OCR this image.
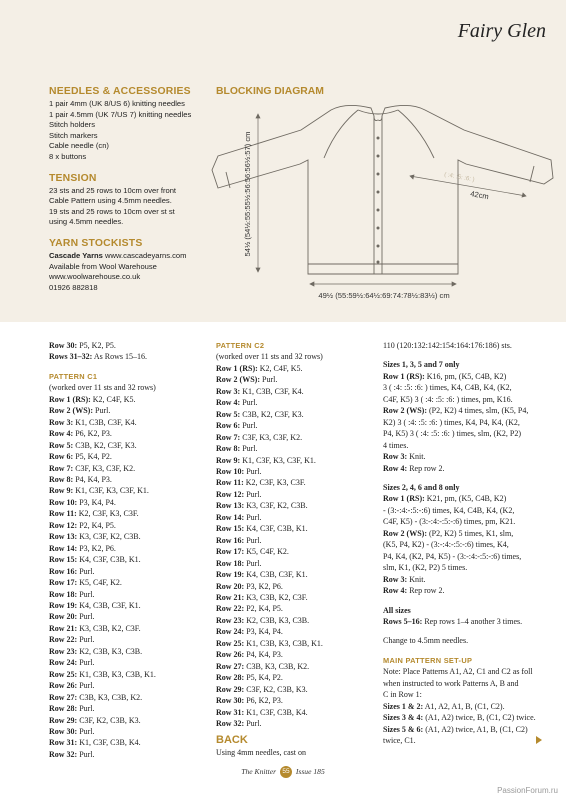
Fairy Glen
NEEDLES & ACCESSORIES
1 pair 4mm (UK 8/US 6) knitting needles
1 pair 4.5mm (UK 7/US 7) knitting needles
Stitch holders
Stitch markers
Cable needle (cn)
8 x buttons
TENSION
23 sts and 25 rows to 10cm over front
Cable Pattern using 4.5mm needles.
19 sts and 25 rows to 10cm over st st
using 4.5mm needles.
YARN STOCKISTS
Cascade Yarns www.cascadeyarns.com
Available from Wool Warehouse
www.woolwarehouse.co.uk
01926 882818
BLOCKING DIAGRAM
49½ (55:59½:64½:69:74:78½:83½) cm
54½ (54½:55:55½:56:56:56½:57) cm	42cm
( :4: :5: :6: )
Row 30: P5, K2, P5.
Rows 31–32: As Rows 15–16.
PATTERN C1
(worked over 11 sts and 32 rows)
Row 1 (RS): K2, C4F, K5.
Row 2 (WS): Purl.
Row 3: K1, C3B, C3F, K4.
Row 4: P6, K2, P3.
Row 5: C3B, K2, C3F, K3.
Row 6: P5, K4, P2.
Row 7: C3F, K3, C3F, K2.
Row 8: P4, K4, P3.
Row 9: K1, C3F, K3, C3F, K1.
Row 10: P3, K4, P4.
Row 11: K2, C3F, K3, C3F.
Row 12: P2, K4, P5.
Row 13: K3, C3F, K2, C3B.
Row 14: P3, K2, P6.
Row 15: K4, C3F, C3B, K1.
Row 16: Purl.
Row 17: K5, C4F, K2.
Row 18: Purl.
Row 19: K4, C3B, C3F, K1.
Row 20: Purl.
Row 21: K3, C3B, K2, C3F.
Row 22: Purl.
Row 23: K2, C3B, K3, C3B.
Row 24: Purl.
Row 25: K1, C3B, K3, C3B, K1.
Row 26: Purl.
Row 27: C3B, K3, C3B, K2.
Row 28: Purl.
Row 29: C3F, K2, C3B, K3.
Row 30: Purl.
Row 31: K1, C3F, C3B, K4.
Row 32: Purl.
PATTERN C2
(worked over 11 sts and 32 rows)
Row 1 (RS): K2, C4F, K5.
Row 2 (WS): Purl.
Row 3: K1, C3B, C3F, K4.
Row 4: Purl.
Row 5: C3B, K2, C3F, K3.
Row 6: Purl.
Row 7: C3F, K3, C3F, K2.
Row 8: Purl.
Row 9: K1, C3F, K3, C3F, K1.
Row 10: Purl.
Row 11: K2, C3F, K3, C3F.
Row 12: Purl.
Row 13: K3, C3F, K2, C3B.
Row 14: Purl.
Row 15: K4, C3F, C3B, K1.
Row 16: Purl.
Row 17: K5, C4F, K2.
Row 18: Purl.
Row 19: K4, C3B, C3F, K1.
Row 20: P3, K2, P6.
Row 21: K3, C3B, K2, C3F.
Row 22: P2, K4, P5.
Row 23: K2, C3B, K3, C3B.
Row 24: P3, K4, P4.
Row 25: K1, C3B, K3, C3B, K1.
Row 26: P4, K4, P3.
Row 27: C3B, K3, C3B, K2.
Row 28: P5, K4, P2.
Row 29: C3F, K2, C3B, K3.
Row 30: P6, K2, P3.
Row 31: K1, C3F, C3B, K4.
Row 32: Purl.
BACK
Using 4mm needles, cast on
110 (120:132:142:154:164:176:186) sts.
Sizes 1, 3, 5 and 7 only
Row 1 (RS): K16, pm, (K5, C4B, K2)
3 ( :4: :5: :6: ) times, K4, C4B, K4, (K2,
C4F, K5) 3 ( :4: :5: :6: ) times, pm, K16.
Row 2 (WS): (P2, K2) 4 times, slm, (K5, P4,
K2) 3 ( :4: :5: :6: ) times, K4, P4, K4, (K2,
P4, K5) 3 ( :4: :5: :6: ) times, slm, (K2, P2)
4 times.
Row 3: Knit.
Row 4: Rep row 2.
Sizes 2, 4, 6 and 8 only
Row 1 (RS): K21, pm, (K5, C4B, K2)
- (3:-:4:-:5:-:6) times, K4, C4B, K4, (K2,
C4F, K5) - (3:-:4:-:5:-:6) times, pm, K21.
Row 2 (WS): (P2, K2) 5 times, K1, slm,
(K5, P4, K2) - (3:-:4:-:5:-:6) times, K4,
P4, K4, (K2, P4, K5) - (3:-:4:-:5:-:6) times,
slm, K1, (K2, P2) 5 times.
Row 3: Knit.
Row 4: Rep row 2.
All sizes
Rows 5–16: Rep rows 1–4 another 3 times.
Change to 4.5mm needles.
MAIN PATTERN SET-UP
Note: Place Patterns A1, A2, C1 and C2 as foll
when instructed to work Patterns A, B and
C in Row 1:
Sizes 1 & 2: A1, A2, A1, B, (C1, C2).
Sizes 3 & 4: (A1, A2) twice, B, (C1, C2) twice.
Sizes 5 & 6: (A1, A2) twice, A1, B, (C1, C2)
twice, C1.
The Knitter 55 Issue 185
PassionForum.ru
